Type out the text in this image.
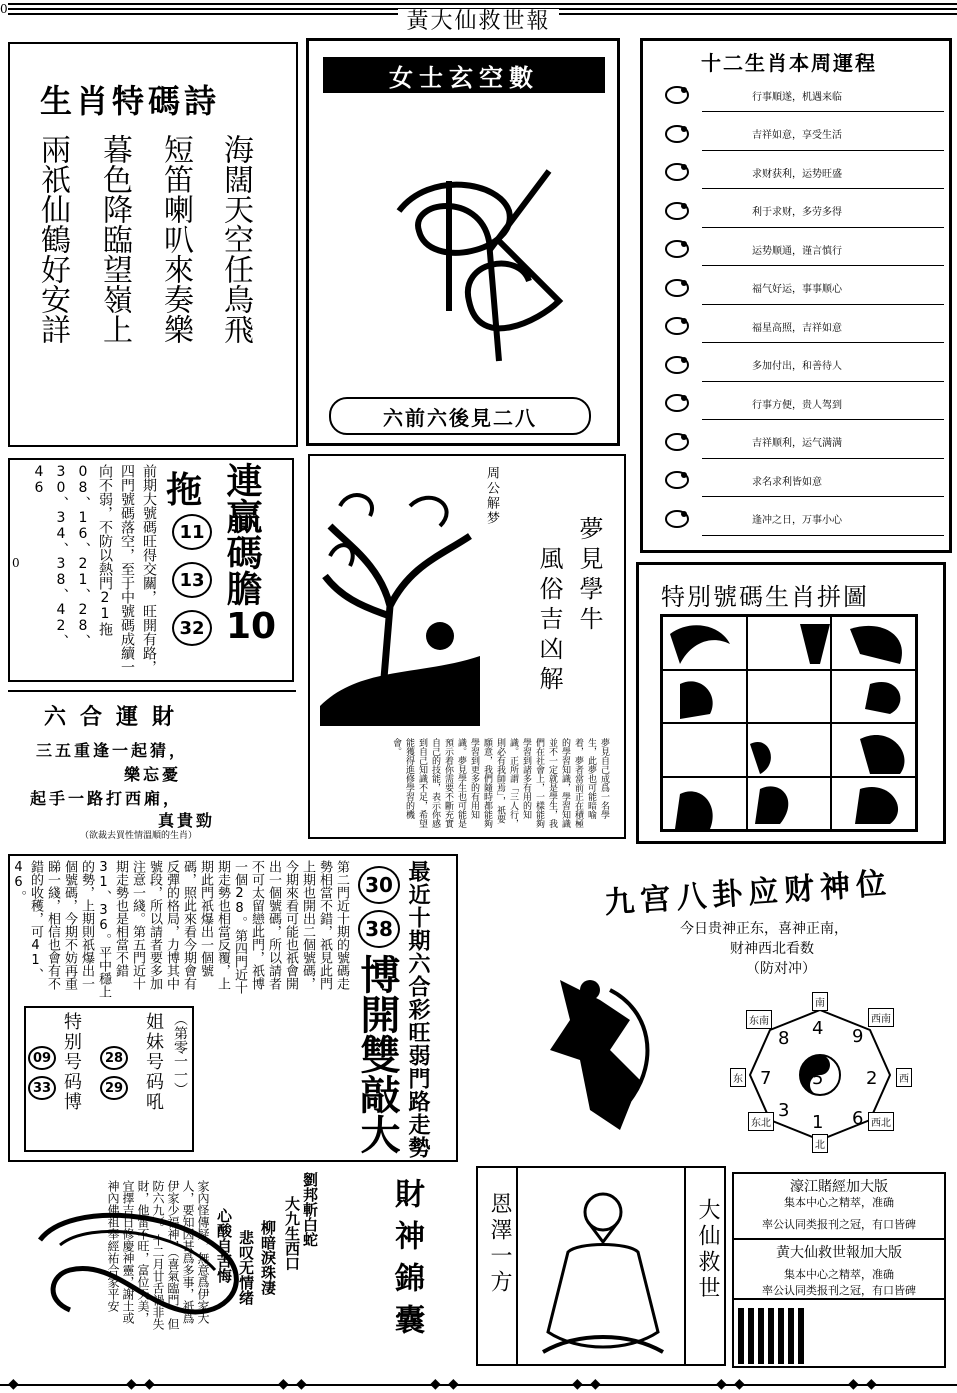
黃大仙救世報
0
生肖特碼詩
海闊天空任鳥飛
短笛喇叭來奏樂
暮色降臨望嶺上
兩祇仙鶴好安詳
女士玄空數
六前六後見二八
十二生肖本周運程
行事順遂，机遇来临
吉祥如意，享受生活
求财获利，运势旺盛
利于求财，多劳多得
运势顺通，谨言慎行
福气好运，事事顺心
福星高照，吉祥如意
多加付出，和善待人
行事方便，贵人驾到
吉祥顺利，运气满满
求名求利皆如意
逢冲之日，万事小心
拖 連贏碼膽
11
13
32 10
前期大號碼旺得交關，旺開有路，四門號碼落空，至于中號碼成續一向不弱，不防以熱門21拖08、16、21、28、30、34、38、42、46
0
六合運財
三五重逢一起猜，
樂忘憂
起手一路打西廂，
真貴勁
（欲裁去買性情溫順的生肖）
周公解梦
夢見學牛
風俗吉凶解
夢見自己成爲一名學生，此夢也可能暗喻着，夢者當前正在積極的學習知識，學習知識並不一定就是學生，我們在社會上，一樣能夠學習到諸多有用的知識。正所謂「三人行，則必有我師焉」，祇要願意，我們隨時都能夠學習到更多的有用知識。夢見學生也可能是預示着你需要不斷充實自己的技能，表示你感到自己知識不足，希望能獲得進修學習的機會。
特別號碼生肖拼圖
最近十期六合彩旺弱門路走勢
30
38
博開雙敲大
第二門近十期的號碼走勢相當不錯，祇見此門上期也開出二個號碼，今期來看可能也祇會開出一個號碼，所以請者不可太留戀此門，祇博一個28。第四門近十期走勢也相當反覆，上期此門祇爆出一個號碼，照此來看今期會有反彈的格局，力博其中號段，所以請者要多加注意一綫。第五門近十期走勢也是相當不錯31、36。平中穩上的勢，上期則祇爆出一個號碼，今期不妨再重睇一綫，相信也會有不錯的收穫，可41、46。
姐妹号码吼 （第零一一）
28
29
特别号码博
09
33
九宫八卦应财神位
今日贵神正东，喜神正南，
财神西北看数
（防对冲）
4 9
2
7 5
3
1 6
8
南
西南
西
西北
北
东北
东
东南
財神錦囊
劉邦斬白蛇
大九生西口
柳暗淚珠淒
悲叹无情绪
心酸自苦悔
家內怪傳疑，無意爲伊家大人，要知因甚爲多事，祇爲伊家少福神，（喜氣臨門，但防六九）。十二月廿舌禍非失財，他雷不旺，富位天美，宜擇吉日修慶神靈，謝土或神內佛祖奉經祐合家平安	恩澤一方	大仙救世
濠江賭經加大版
集本中心之精萃，准确
率公认同类报刊之冠，有口皆碑
黄大仙救世報加大版
集本中心之精萃，准确
率公认同类报刊之冠，有口皆碑
◆	◆ ◆	◆ ◆	◆ ◆	◆ ◆	◆ ◆	◆ ◆
